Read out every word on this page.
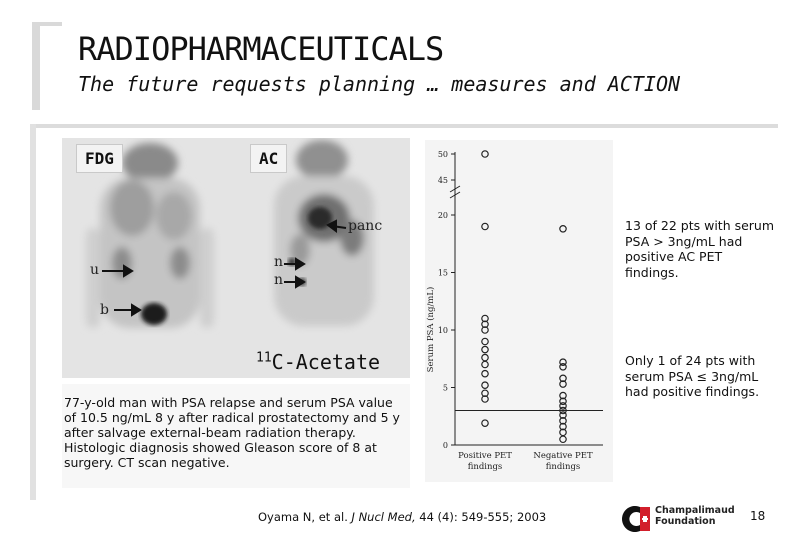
RADIOPHARMACEUTICALS
The future requests planning … measures and ACTION
FDG	AC
u
b
panc
n
n
$^{11}$C-Acetate
77-y-old man with PSA relapse and serum PSA value of 10.5 ng/mL 8 y after radical prostatectomy and 5 y after salvage external-beam radiation therapy. Histologic diagnosis showed Gleason score of 8 at surgery. CT scan negative.
0
5
10
15
20
45
50
Serum PSA (ng/mL)
Positive PET
findings
Negative PET
findings
13 of 22 pts with serum PSA > 3ng/mL had positive AC PET findings.
Only 1 of 24 pts with serum PSA ≤ 3ng/mL had positive findings.
Oyama N, et al. J Nucl Med, 44 (4): 549-555; 2003	Champalimaud
Foundation	18
